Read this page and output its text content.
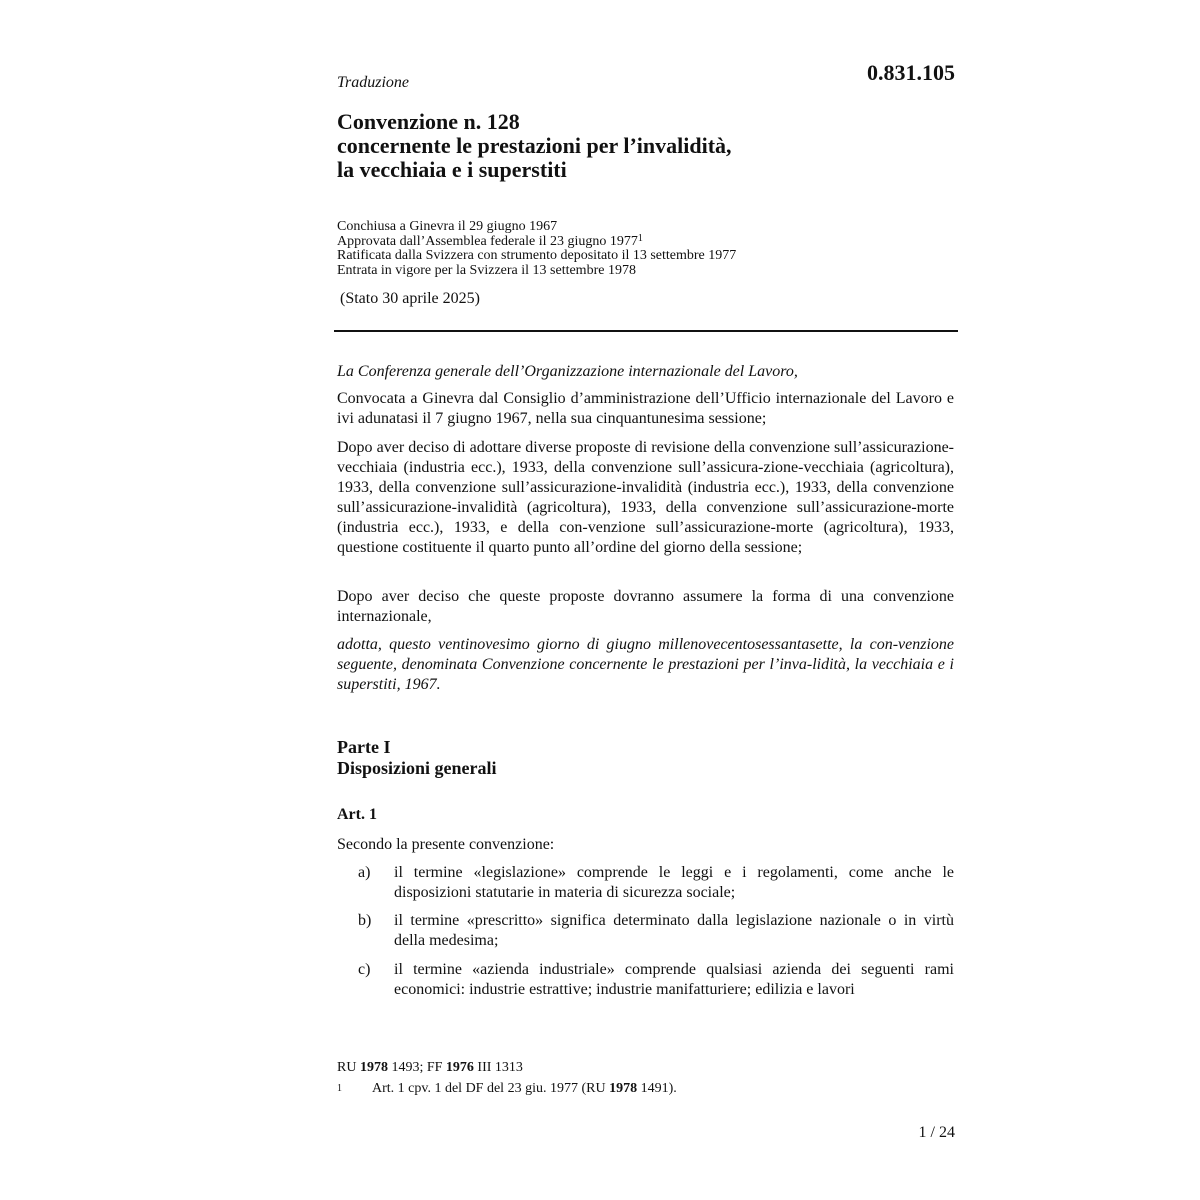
0.831.105
Traduzione
Convenzione n. 128
concernente le prestazioni per l’invalidità,
la vecchiaia e i superstiti
Conchiusa a Ginevra il 29 giugno 1967
Approvata dall’Assemblea federale il 23 giugno 1977$^1$
Ratificata dalla Svizzera con strumento depositato il 13 settembre 1977
Entrata in vigore per la Svizzera il 13 settembre 1978
(Stato 30 aprile 2025)
La Conferenza generale dell’Organizzazione internazionale del Lavoro,
Convocata a Ginevra dal Consiglio d’amministrazione dell’Ufficio internazionale del Lavoro e ivi adunatasi il 7 giugno 1967, nella sua cinquantunesima sessione;
Dopo aver deciso di adottare diverse proposte di revisione della convenzione sull’assicurazione-vecchiaia (industria ecc.), 1933, della convenzione sull’assicura-zione-vecchiaia (agricoltura), 1933, della convenzione sull’assicurazione-invalidità (industria ecc.), 1933, della convenzione sull’assicurazione-invalidità (agricoltura), 1933, della convenzione sull’assicurazione-morte (industria ecc.), 1933, e della con-venzione sull’assicurazione-morte (agricoltura), 1933, questione costituente il quarto punto all’ordine del giorno della sessione;
Dopo aver deciso che queste proposte dovranno assumere la forma di una convenzione internazionale,
adotta, questo ventinovesimo giorno di giugno millenovecentosessantasette, la con-venzione seguente, denominata Convenzione concernente le prestazioni per l’inva-lidità, la vecchiaia e i superstiti, 1967.
Parte I
Disposizioni generali
Art. 1
Secondo la presente convenzione:
a) il termine «legislazione» comprende le leggi e i regolamenti, come anche le disposizioni statutarie in materia di sicurezza sociale;
b) il termine «prescritto» significa determinato dalla legislazione nazionale o in virtù della medesima;
c) il termine «azienda industriale» comprende qualsiasi azienda dei seguenti rami economici: industrie estrattive; industrie manifatturiere; edilizia e lavori
RU 1978 1493; FF 1976 III 1313
1 Art. 1 cpv. 1 del DF del 23 giu. 1977 (RU 1978 1491).
1 / 24
